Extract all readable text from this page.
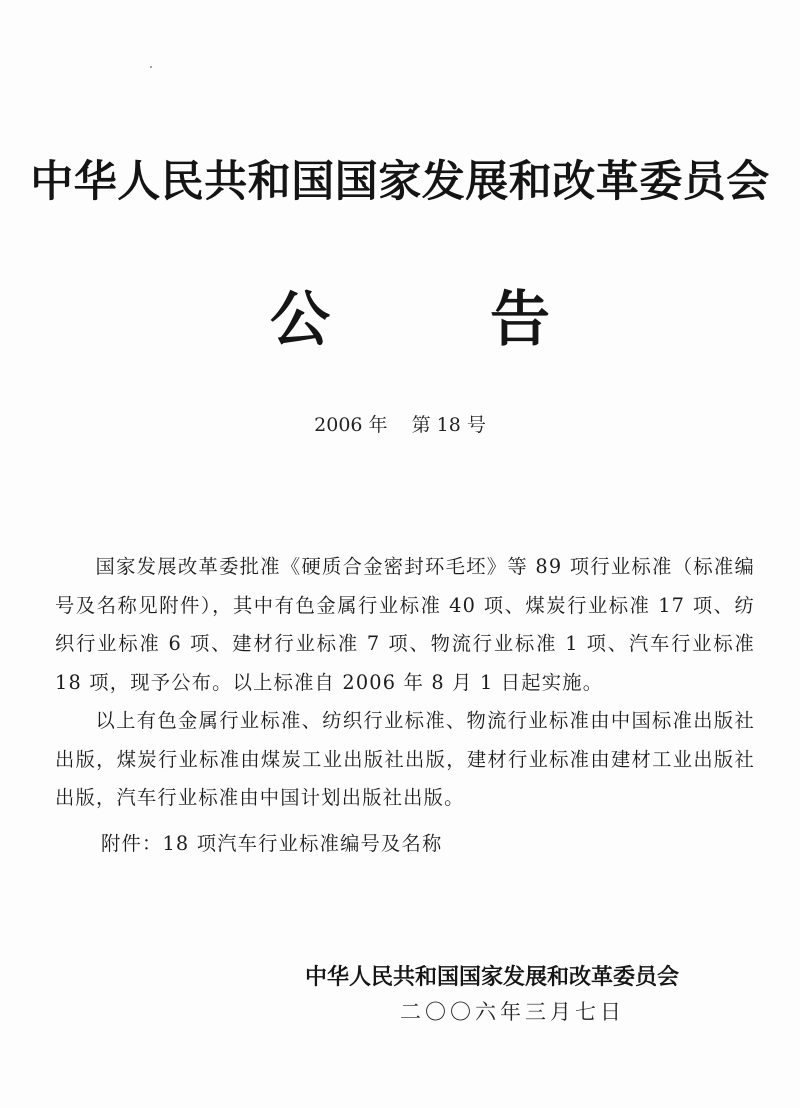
中华人民共和国国家发展和改革委员会
公	告
2006 年 第 18 号

国家发展改革委批准《硬质合金密封环毛坯》等 89 项行业标准（标准编号及名称见附件），其中有色金属行业标准 40 项、煤炭行业标准 17 项、纺织行业标准 6 项、建材行业标准 7 项、物流行业标准 1 项、汽车行业标准 18 项，现予公布。以上标准自 2006 年 8 月 1 日起实施。

以上有色金属行业标准、纺织行业标准、物流行业标准由中国标准出版社出版，煤炭行业标准由煤炭工业出版社出版，建材行业标准由建材工业出版社出版，汽车行业标准由中国计划出版社出版。

附件：18 项汽车行业标准编号及名称
中华人民共和国国家发展和改革委员会
二〇〇六年三月七日
